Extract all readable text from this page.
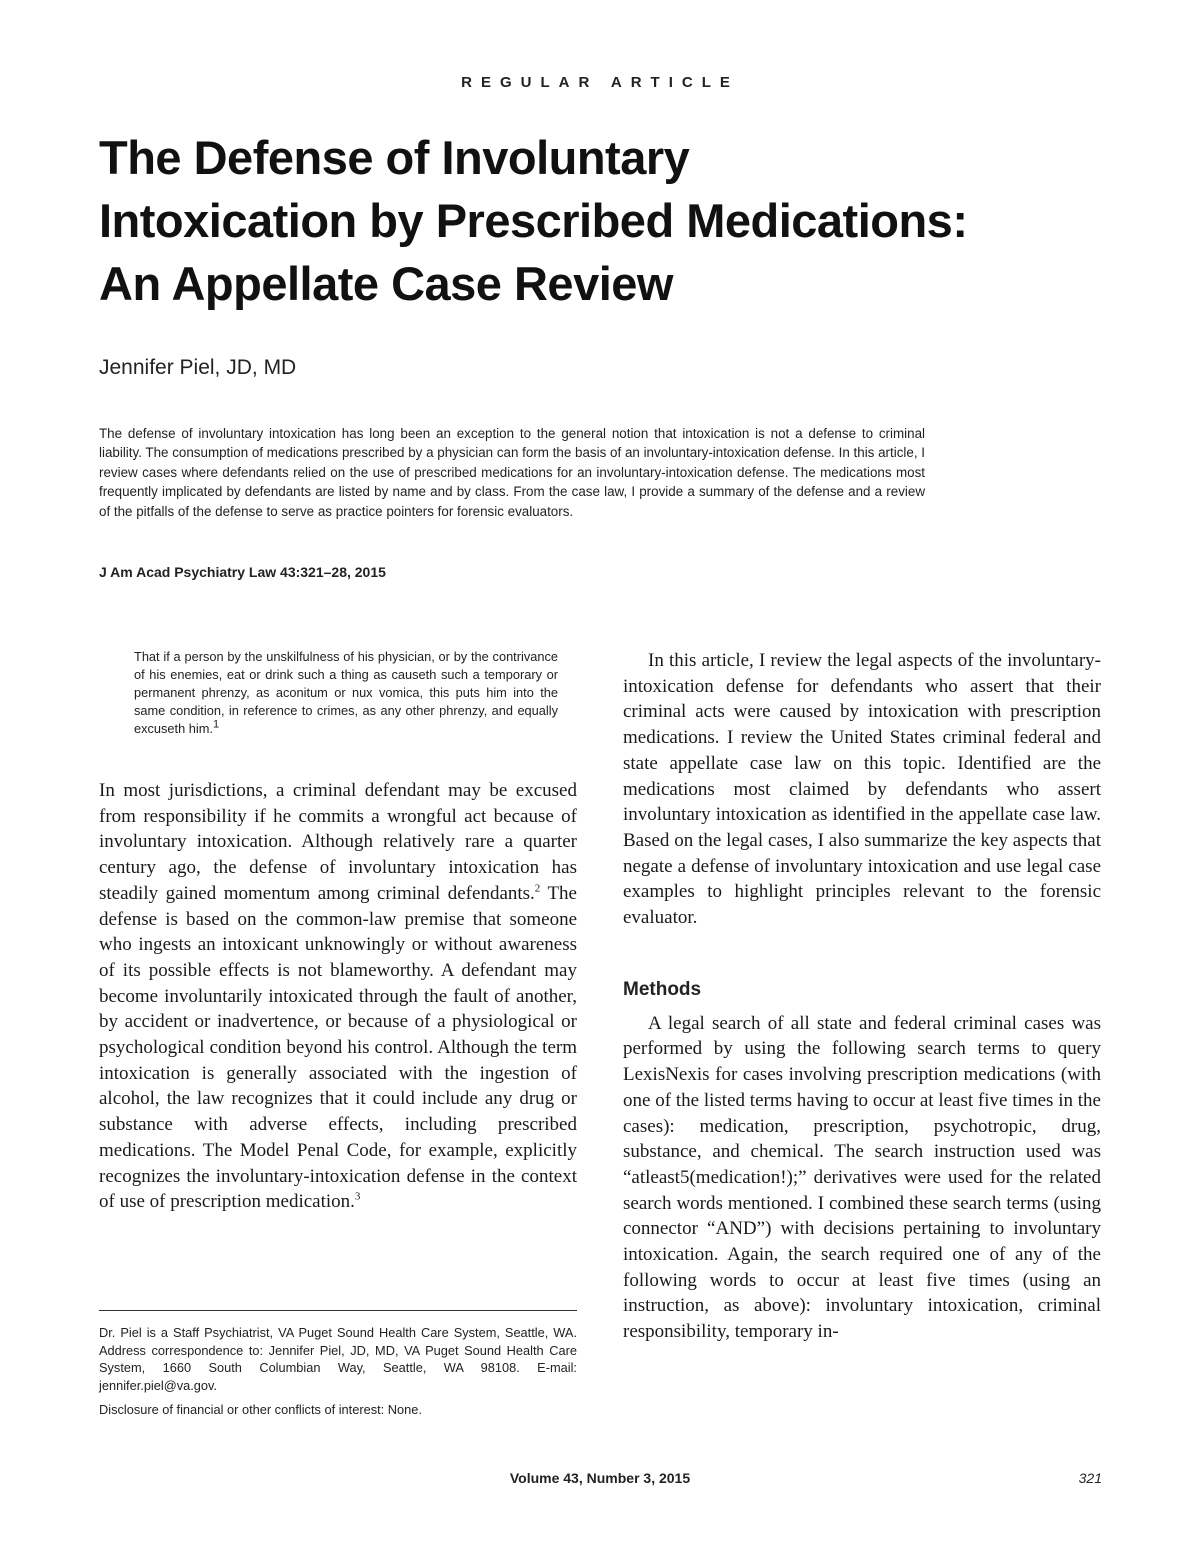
REGULAR ARTICLE
The Defense of Involuntary
Intoxication by Prescribed Medications:
An Appellate Case Review
Jennifer Piel, JD, MD

The defense of involuntary intoxication has long been an exception to the general notion that intoxication is not a defense to criminal liability. The consumption of medications prescribed by a physician can form the basis of an involuntary-intoxication defense. In this article, I review cases where defendants relied on the use of prescribed medications for an involuntary-intoxication defense. The medications most frequently implicated by defendants are listed by name and by class. From the case law, I provide a summary of the defense and a review of the pitfalls of the defense to serve as practice pointers for forensic evaluators.

J Am Acad Psychiatry Law 43:321–28, 2015

That if a person by the unskilfulness of his physician, or by the contrivance of his enemies, eat or drink such a thing as causeth such a temporary or permanent phrenzy, as aconitum or nux vomica, this puts him into the same condition, in reference to crimes, as any other phrenzy, and equally excuseth him.$^1$

In most jurisdictions, a criminal defendant may be excused from responsibility if he commits a wrongful act because of involuntary intoxication. Although relatively rare a quarter century ago, the defense of involuntary intoxication has steadily gained momentum among criminal defendants.$^2$ The defense is based on the common-law premise that someone who ingests an intoxicant unknowingly or without awareness of its possible effects is not blameworthy. A defendant may become involuntarily intoxicated through the fault of another, by accident or inadvertence, or because of a physiological or psychological condition beyond his control. Although the term intoxication is generally associated with the ingestion of alcohol, the law recognizes that it could include any drug or substance with adverse effects, including prescribed medications. The Model Penal Code, for example, explicitly recognizes the involuntary-intoxication defense in the context of use of prescription medication.$^3$

In this article, I review the legal aspects of the involuntary-intoxication defense for defendants who assert that their criminal acts were caused by intoxication with prescription medications. I review the United States criminal federal and state appellate case law on this topic. Identified are the medications most claimed by defendants who assert involuntary intoxication as identified in the appellate case law. Based on the legal cases, I also summarize the key aspects that negate a defense of involuntary intoxication and use legal case examples to highlight principles relevant to the forensic evaluator.

Methods

A legal search of all state and federal criminal cases was performed by using the following search terms to query LexisNexis for cases involving prescription medications (with one of the listed terms having to occur at least five times in the cases): medication, prescription, psychotropic, drug, substance, and chemical. The search instruction used was “atleast5(medication!);” derivatives were used for the related search words mentioned. I combined these search terms (using connector “AND”) with decisions pertaining to involuntary intoxication. Again, the search required one of any of the following words to occur at least five times (using an instruction, as above): involuntary intoxication, criminal responsibility, temporary in-

Dr. Piel is a Staff Psychiatrist, VA Puget Sound Health Care System, Seattle, WA. Address correspondence to: Jennifer Piel, JD, MD, VA Puget Sound Health Care System, 1660 South Columbian Way, Seattle, WA 98108. E-mail: jennifer.piel@va.gov.

Disclosure of financial or other conflicts of interest: None.

Volume 43, Number 3, 2015	321
